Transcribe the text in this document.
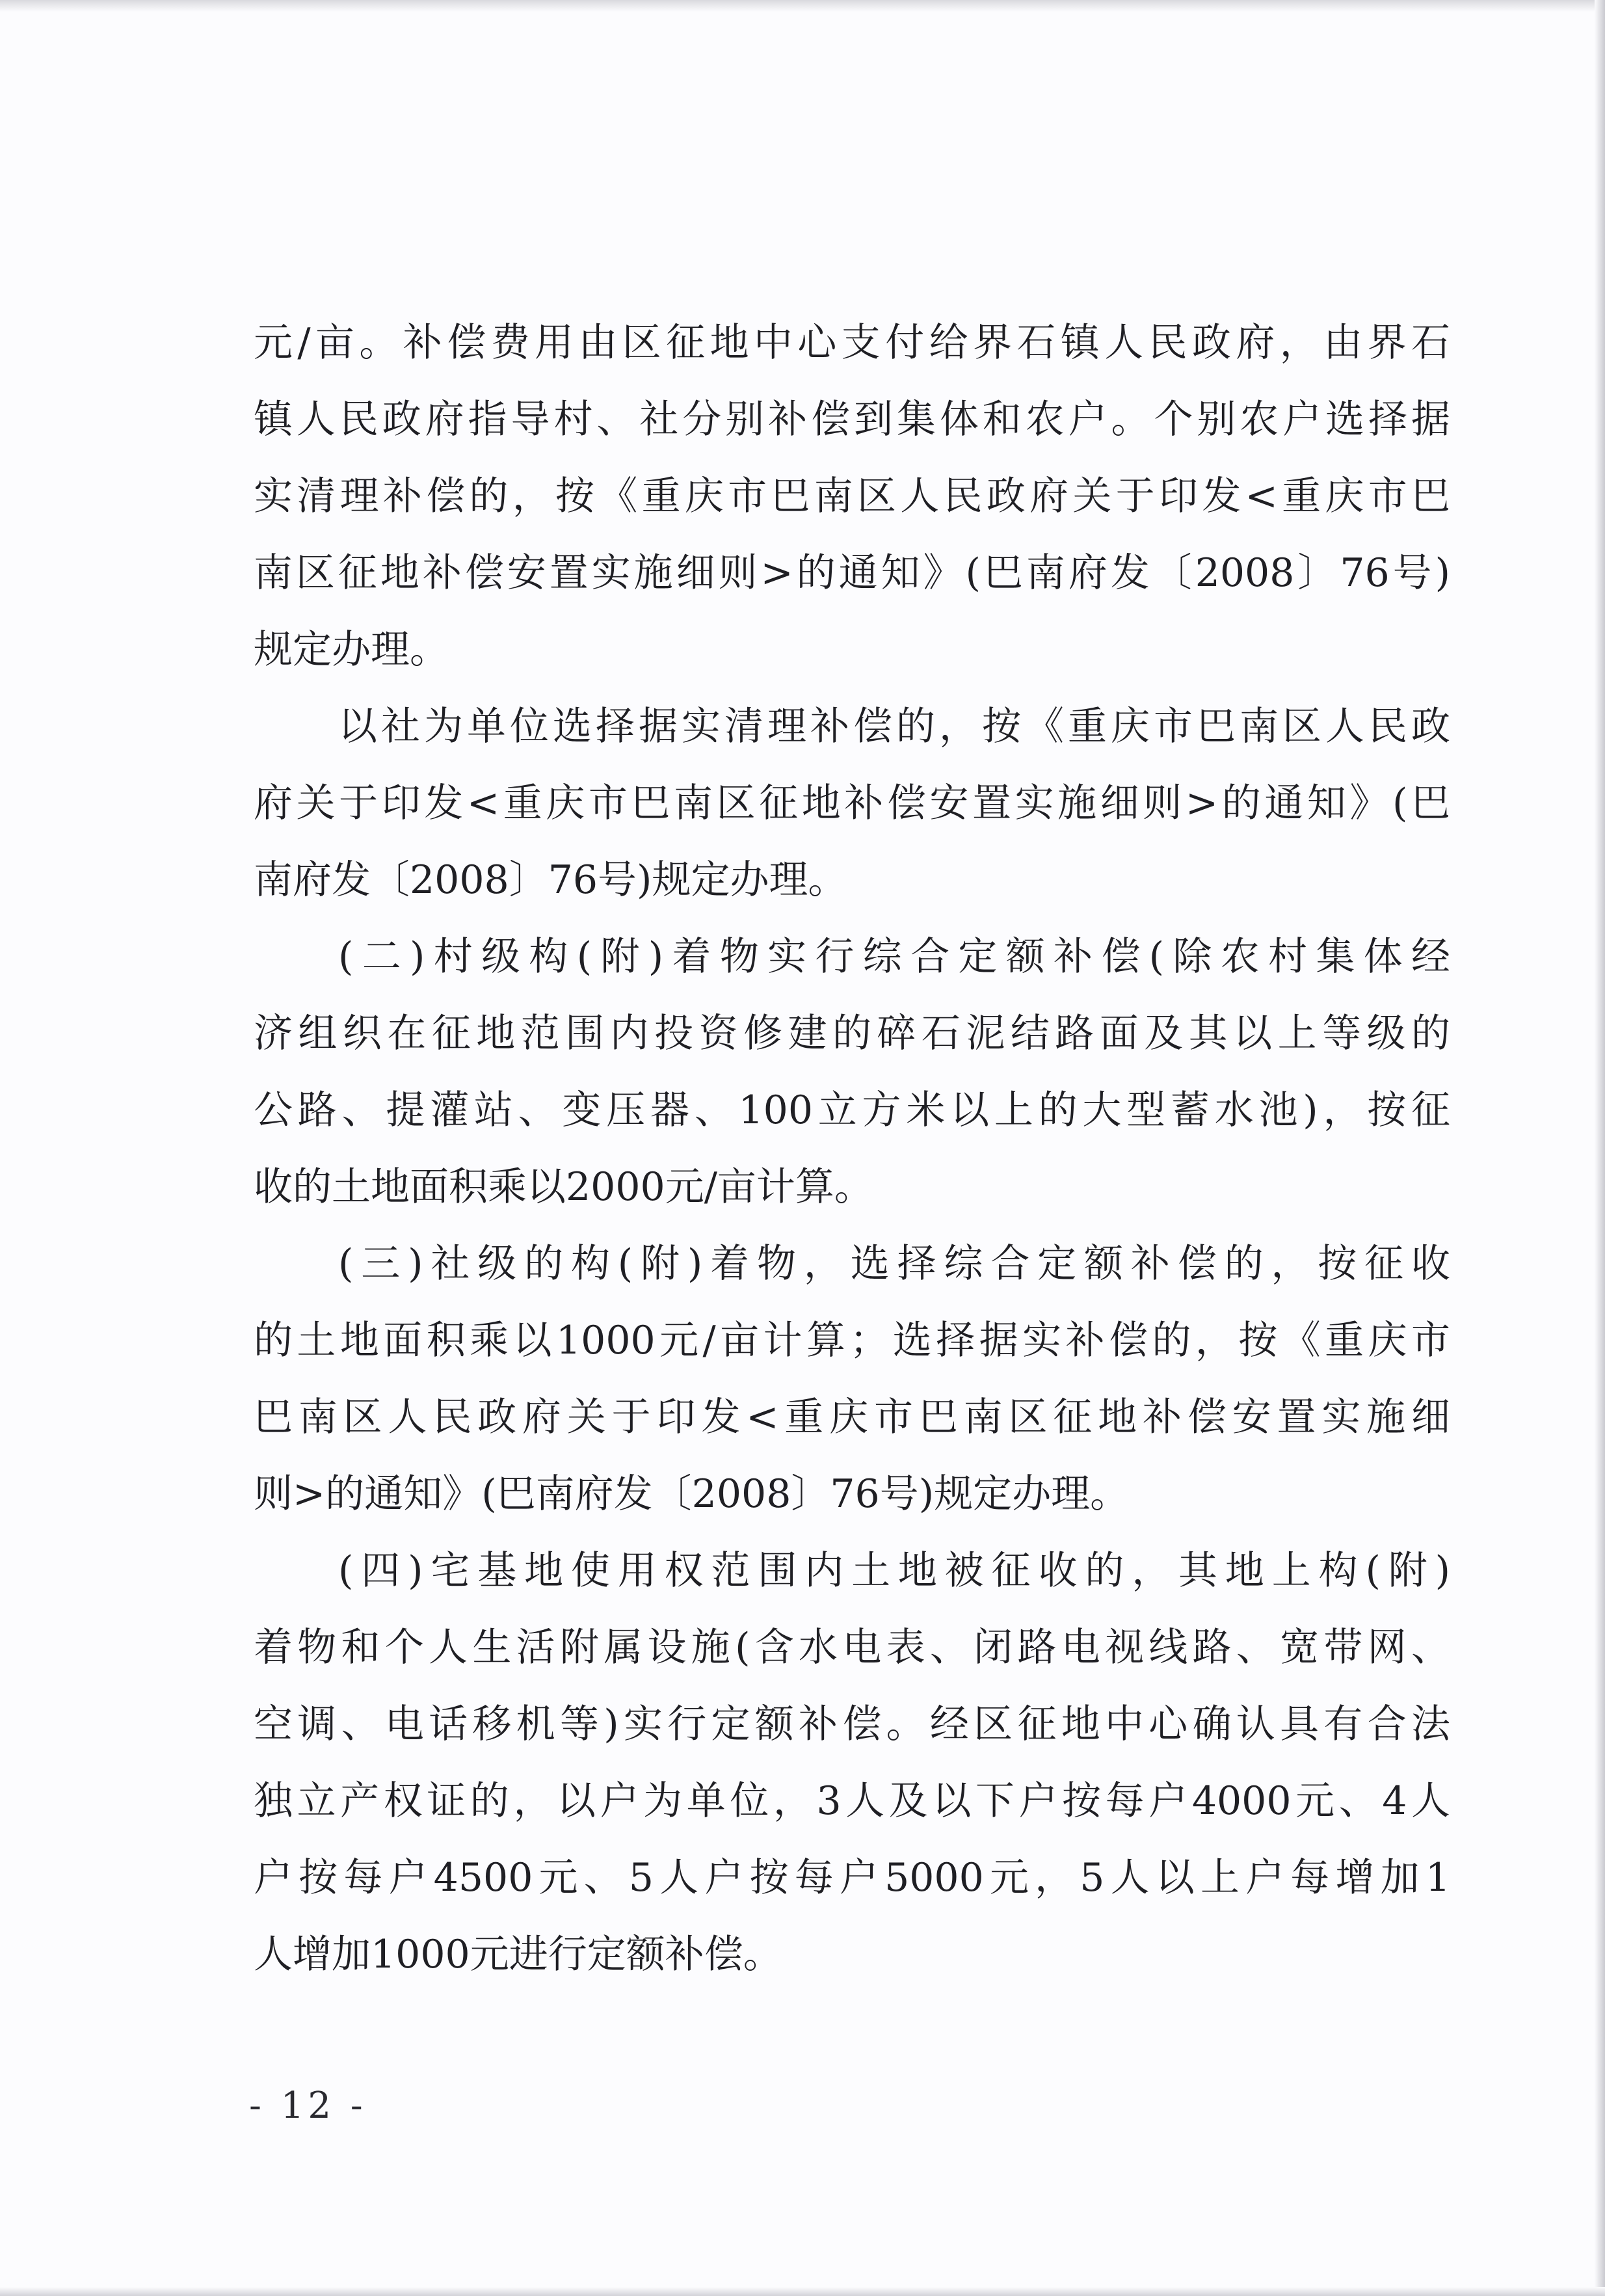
元/亩。补偿费用由区征地中心支付给界石镇人民政府，由界石
镇人民政府指导村、社分别补偿到集体和农户。个别农户选择据
实清理补偿的，按《重庆市巴南区人民政府关于印发<重庆市巴
南区征地补偿安置实施细则>的通知》(巴南府发〔2008〕76号)
规定办理。
以社为单位选择据实清理补偿的，按《重庆市巴南区人民政
府关于印发<重庆市巴南区征地补偿安置实施细则>的通知》(巴
南府发〔2008〕76号)规定办理。
(二)村级构(附)着物实行综合定额补偿(除农村集体经
济组织在征地范围内投资修建的碎石泥结路面及其以上等级的
公路、提灌站、变压器、100立方米以上的大型蓄水池)，按征
收的土地面积乘以2000元/亩计算。
(三)社级的构(附)着物，选择综合定额补偿的，按征收
的土地面积乘以1000元/亩计算；选择据实补偿的，按《重庆市
巴南区人民政府关于印发<重庆市巴南区征地补偿安置实施细
则>的通知》(巴南府发〔2008〕76号)规定办理。
(四)宅基地使用权范围内土地被征收的，其地上构(附)
着物和个人生活附属设施(含水电表、闭路电视线路、宽带网、
空调、电话移机等)实行定额补偿。经区征地中心确认具有合法
独立产权证的，以户为单位，3人及以下户按每户4000元、4人
户按每户4500元、5人户按每户5000元，5人以上户每增加1
人增加1000元进行定额补偿。
- 12 -
